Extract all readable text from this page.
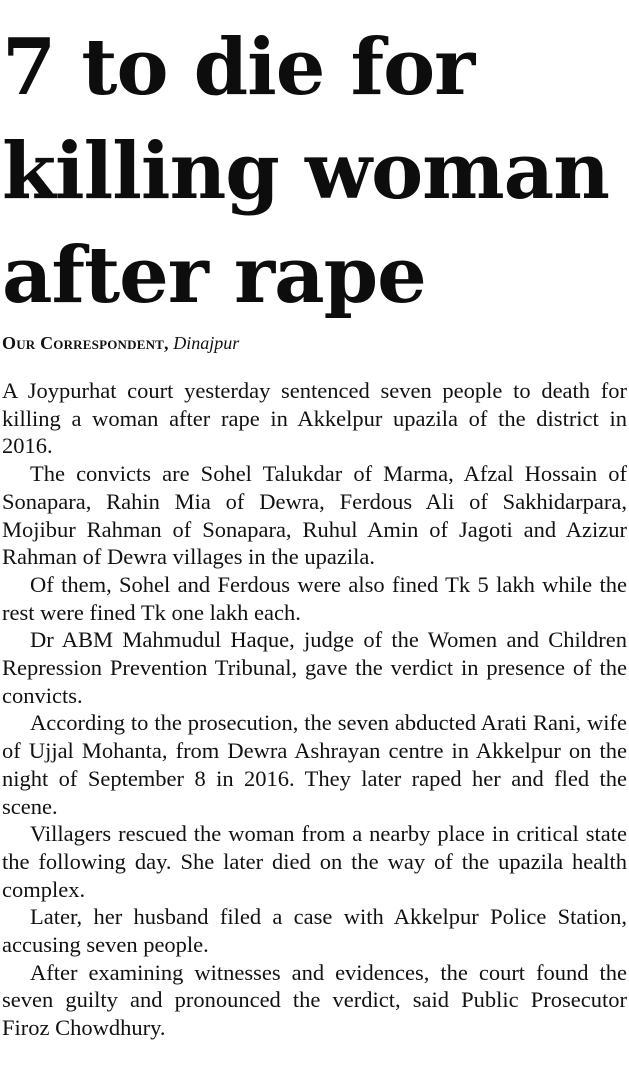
7 to die for killing woman after rape
Our Correspondent, Dinajpur

A Joypurhat court yesterday sentenced seven people to death for killing a woman after rape in Akkelpur upazila of the district in 2016.

The convicts are Sohel Talukdar of Marma, Afzal Hossain of Sonapara, Rahin Mia of Dewra, Ferdous Ali of Sakhidarpara, Mojibur Rahman of Sonapara, Ruhul Amin of Jagoti and Azizur Rahman of Dewra villages in the upazila.

Of them, Sohel and Ferdous were also fined Tk 5 lakh while the rest were fined Tk one lakh each.

Dr ABM Mahmudul Haque, judge of the Women and Children Repression Prevention Tribunal, gave the verdict in presence of the convicts.

According to the prosecution, the seven abducted Arati Rani, wife of Ujjal Mohanta, from Dewra Ashrayan centre in Akkelpur on the night of September 8 in 2016. They later raped her and fled the scene.

Villagers rescued the woman from a nearby place in critical state the following day. She later died on the way of the upazila health complex.

Later, her husband filed a case with Akkelpur Police Station, accusing seven people.

After examining witnesses and evidences, the court found the seven guilty and pronounced the verdict, said Public Prosecutor Firoz Chowdhury.
